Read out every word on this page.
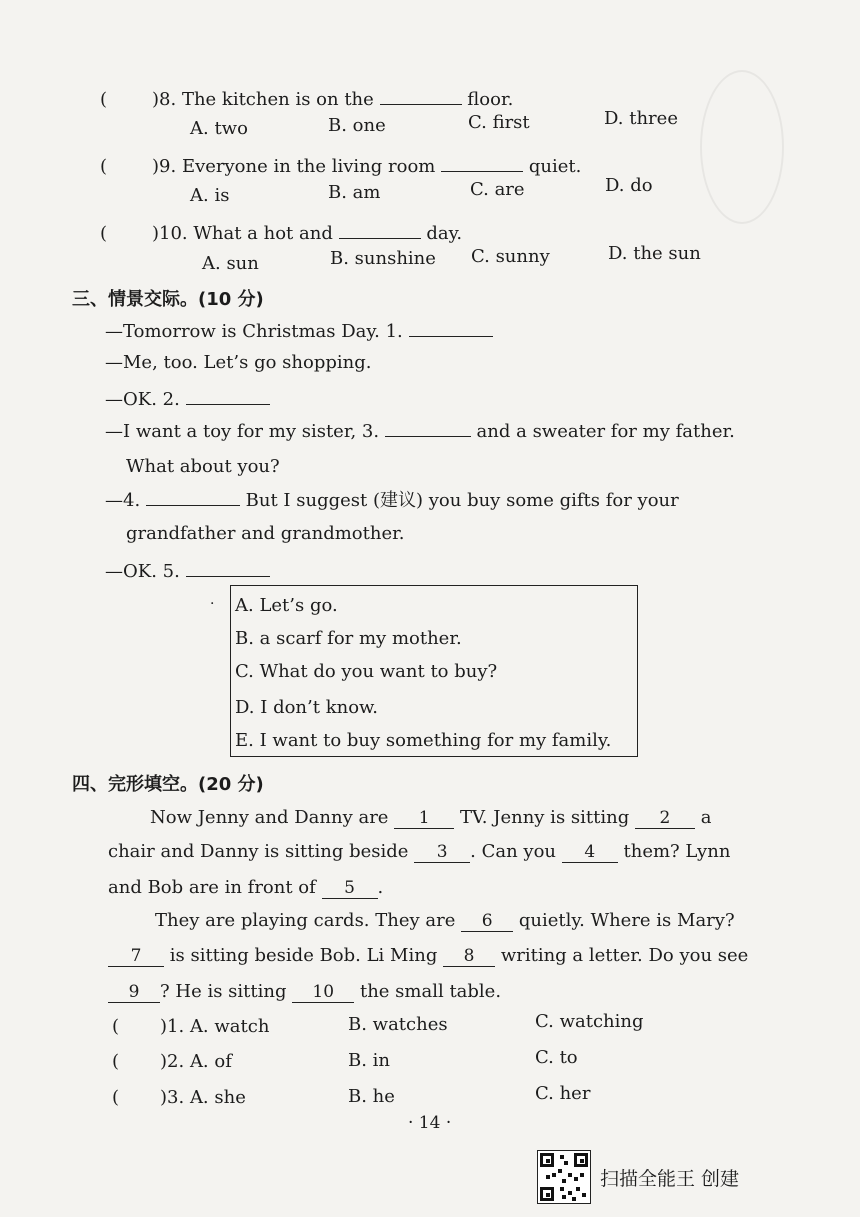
( )8. The kitchen is on the	floor.
A. two	B. one	C. first	D. three
( )9. Everyone in the living room	quiet.
A. is	B. am	C. are	D. do
( )10. What a hot and	day.
A. sun	B. sunshine C. sunny	D. the sun
三、情景交际。(10 分)
—Tomorrow is Christmas Day. 1.
—Me, too. Let’s go shopping.
—OK. 2.
—I want a toy for my sister, 3.	and a sweater for my father.
What about you?
—4.	But I suggest (建议) you buy some gifts for your
grandfather and grandmother.
—OK. 5.
· A. Let’s go.
B. a scarf for my mother.
C. What do you want to buy?
D. I don’t know.
E. I want to buy something for my family.
四、完形填空。(20 分)
Now Jenny and Danny are 1 TV. Jenny is sitting 2 a
chair and Danny is sitting beside 3 . Can you 4 them? Lynn
and Bob are in front of 5 .
They are playing cards. They are 6 quietly. Where is Mary?
7 is sitting beside Bob. Li Ming 8 writing a letter. Do you see
9 ? He is sitting 10 the small table.
( )1. A. watch	B. watches	C. watching
( )2. A. of	B. in	C. to
( )3. A. she	B. he	C. her
· 14 ·
扫描全能王 创建
